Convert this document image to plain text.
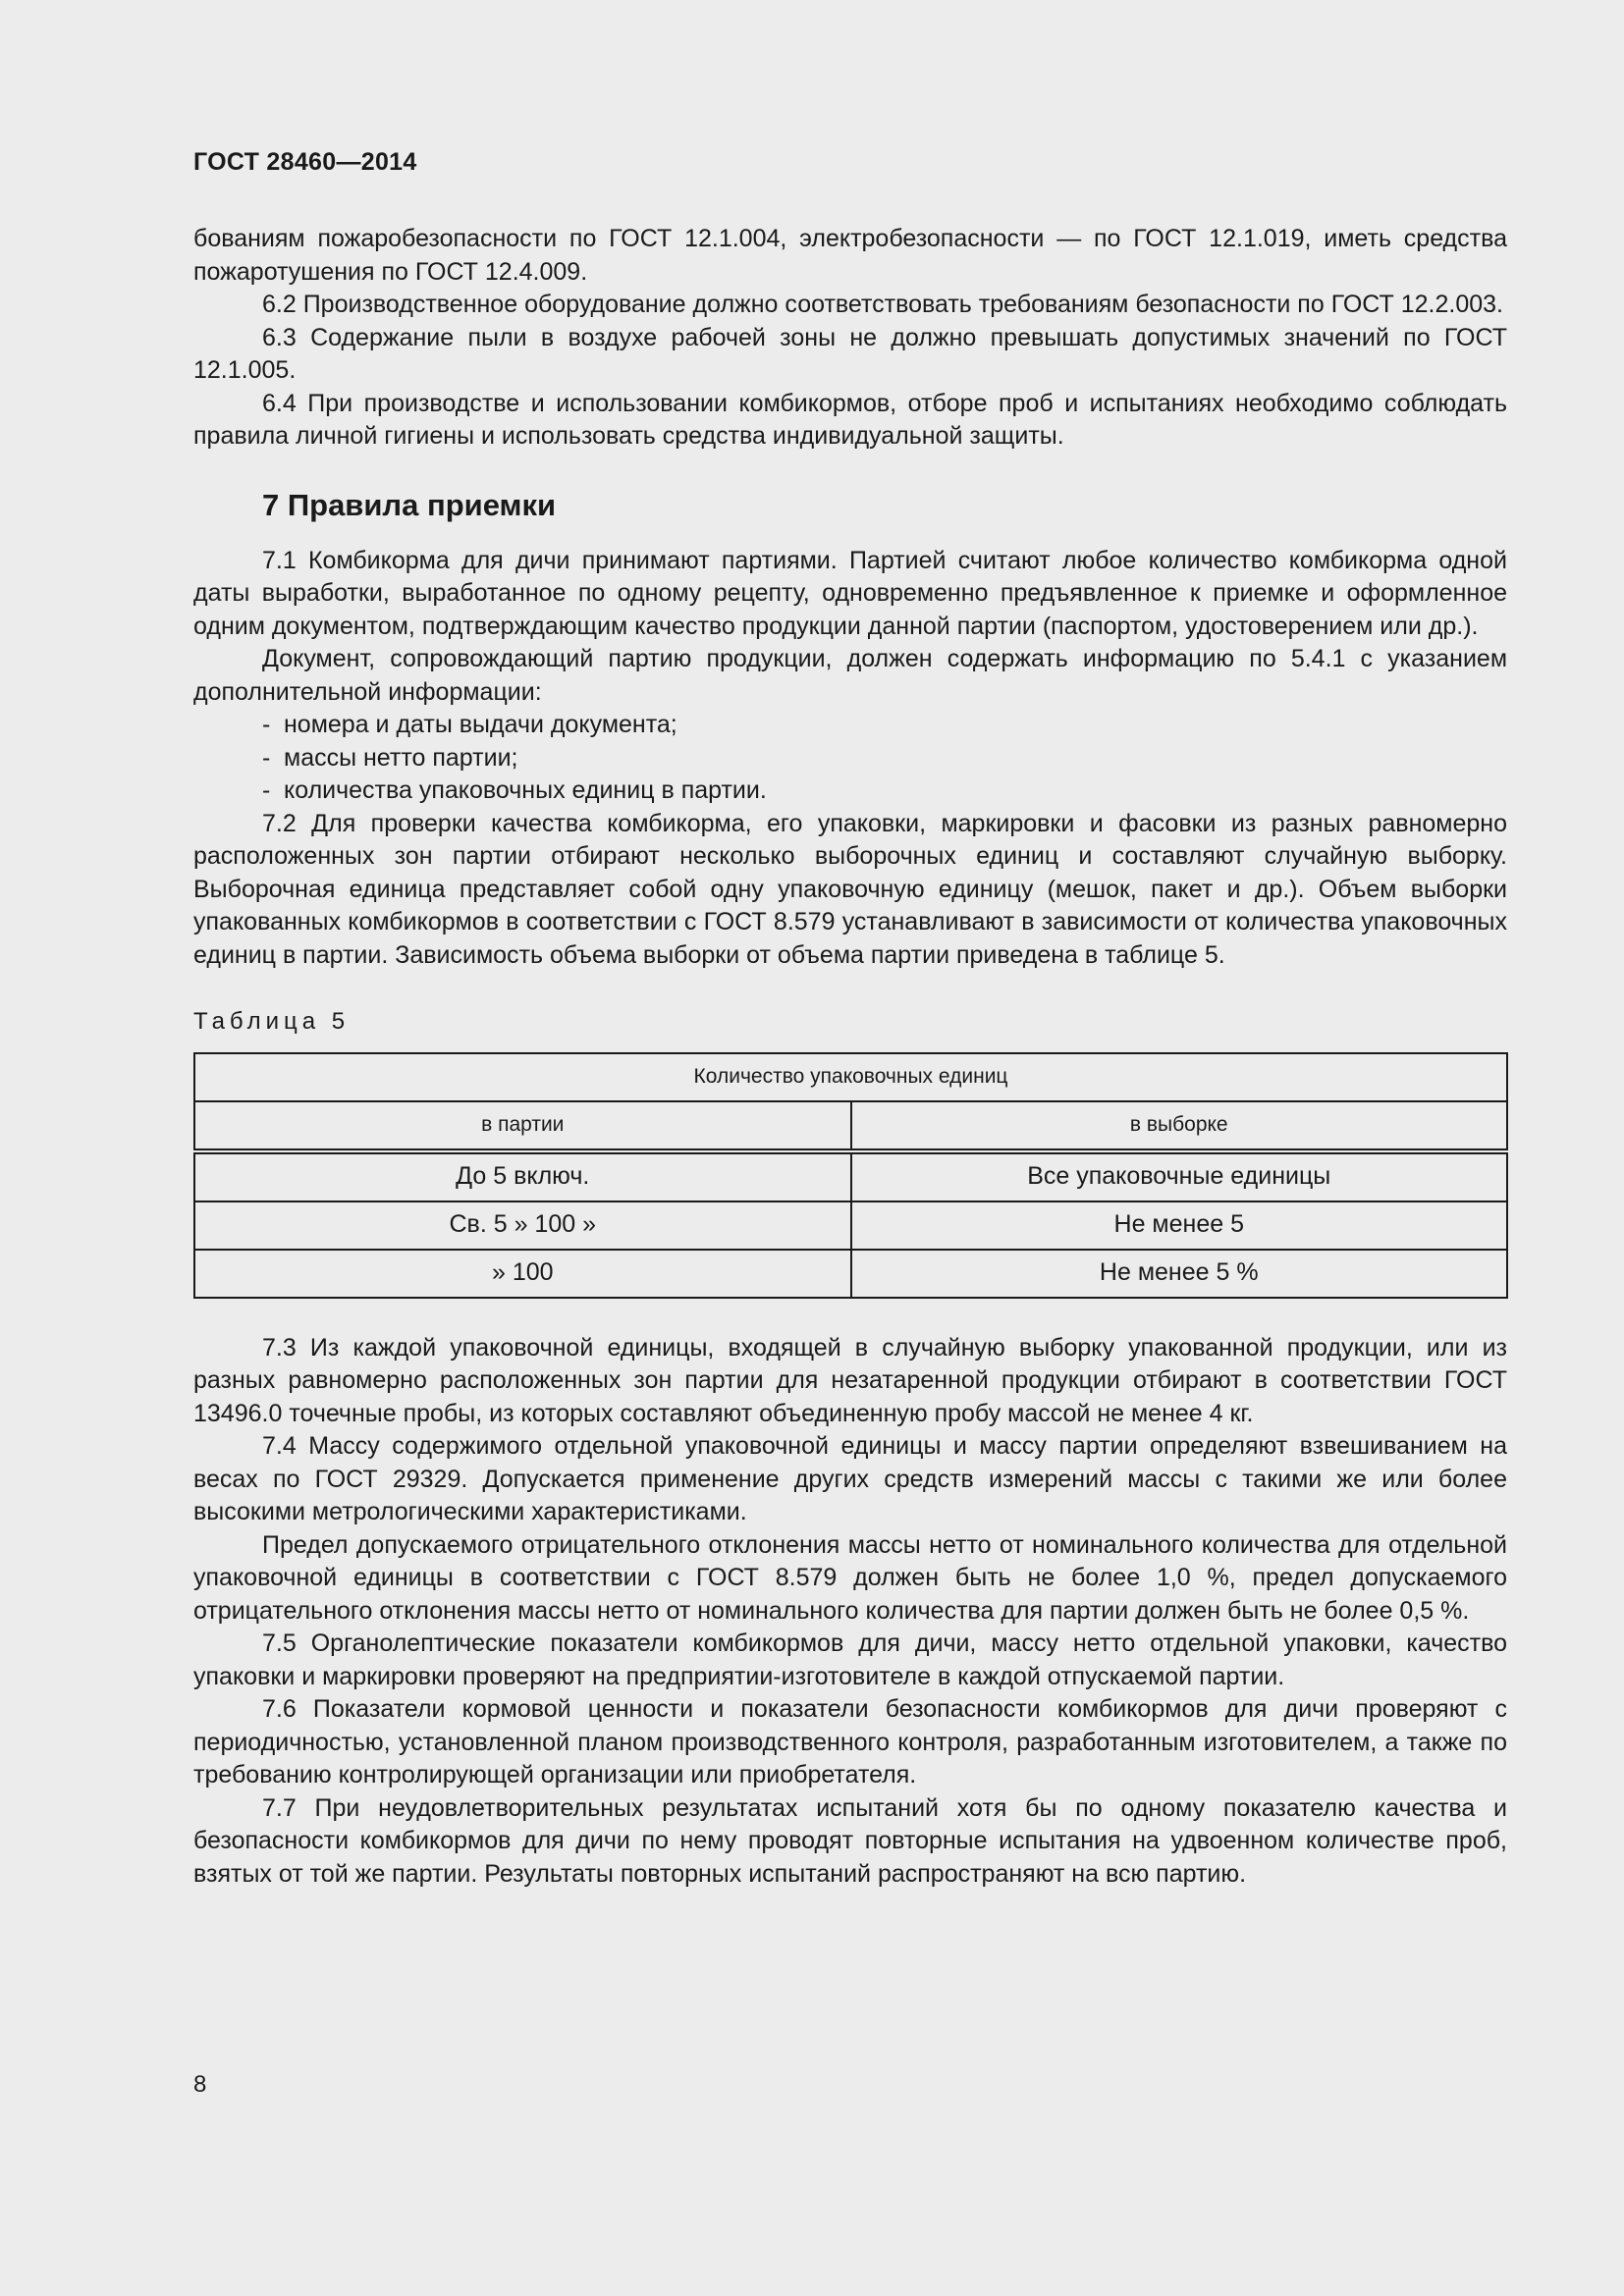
ГОСТ 28460—2014

бованиям пожаробезопасности по ГОСТ 12.1.004, электробезопасности — по ГОСТ 12.1.019, иметь средства пожаротушения по ГОСТ 12.4.009.

6.2 Производственное оборудование должно соответствовать требованиям безопасности по ГОСТ 12.2.003.

6.3 Содержание пыли в воздухе рабочей зоны не должно превышать допустимых значений по ГОСТ 12.1.005.

6.4 При производстве и использовании комбикормов, отборе проб и испытаниях необходимо соблюдать правила личной гигиены и использовать средства индивидуальной защиты.

7 Правила приемки

7.1 Комбикорма для дичи принимают партиями. Партией считают любое количество комбикорма одной даты выработки, выработанное по одному рецепту, одновременно предъявленное к приемке и оформленное одним документом, подтверждающим качество продукции данной партии (паспортом, удостоверением или др.).

Документ, сопровождающий партию продукции, должен содержать информацию по 5.4.1 с указанием дополнительной информации:

- номера и даты выдачи документа;

- массы нетто партии;

- количества упаковочных единиц в партии.

7.2 Для проверки качества комбикорма, его упаковки, маркировки и фасовки из разных равномерно расположенных зон партии отбирают несколько выборочных единиц и составляют случайную выборку. Выборочная единица представляет собой одну упаковочную единицу (мешок, пакет и др.). Объем выборки упакованных комбикормов в соответствии с ГОСТ 8.579 устанавливают в зависимости от количества упаковочных единиц в партии. Зависимость объема выборки от объема партии приведена в таблице 5.

Таблица 5

Количество упаковочных единиц	
в партии	в выборке
До 5 включ.	Все упаковочные единицы
Св. 5 » 100 »	Не менее 5
» 100	Не менее 5 %

7.3 Из каждой упаковочной единицы, входящей в случайную выборку упакованной продукции, или из разных равномерно расположенных зон партии для незатаренной продукции отбирают в соответствии ГОСТ 13496.0 точечные пробы, из которых составляют объединенную пробу массой не менее 4 кг.

7.4 Массу содержимого отдельной упаковочной единицы и массу партии определяют взвешиванием на весах по ГОСТ 29329. Допускается применение других средств измерений массы с такими же или более высокими метрологическими характеристиками.

Предел допускаемого отрицательного отклонения массы нетто от номинального количества для отдельной упаковочной единицы в соответствии с ГОСТ 8.579 должен быть не более 1,0 %, предел допускаемого отрицательного отклонения массы нетто от номинального количества для партии должен быть не более 0,5 %.

7.5 Органолептические показатели комбикормов для дичи, массу нетто отдельной упаковки, качество упаковки и маркировки проверяют на предприятии-изготовителе в каждой отпускаемой партии.

7.6 Показатели кормовой ценности и показатели безопасности комбикормов для дичи проверяют с периодичностью, установленной планом производственного контроля, разработанным изготовителем, а также по требованию контролирующей организации или приобретателя.

7.7 При неудовлетворительных результатах испытаний хотя бы по одному показателю качества и безопасности комбикормов для дичи по нему проводят повторные испытания на удвоенном количестве проб, взятых от той же партии. Результаты повторных испытаний распространяют на всю партию.

8
